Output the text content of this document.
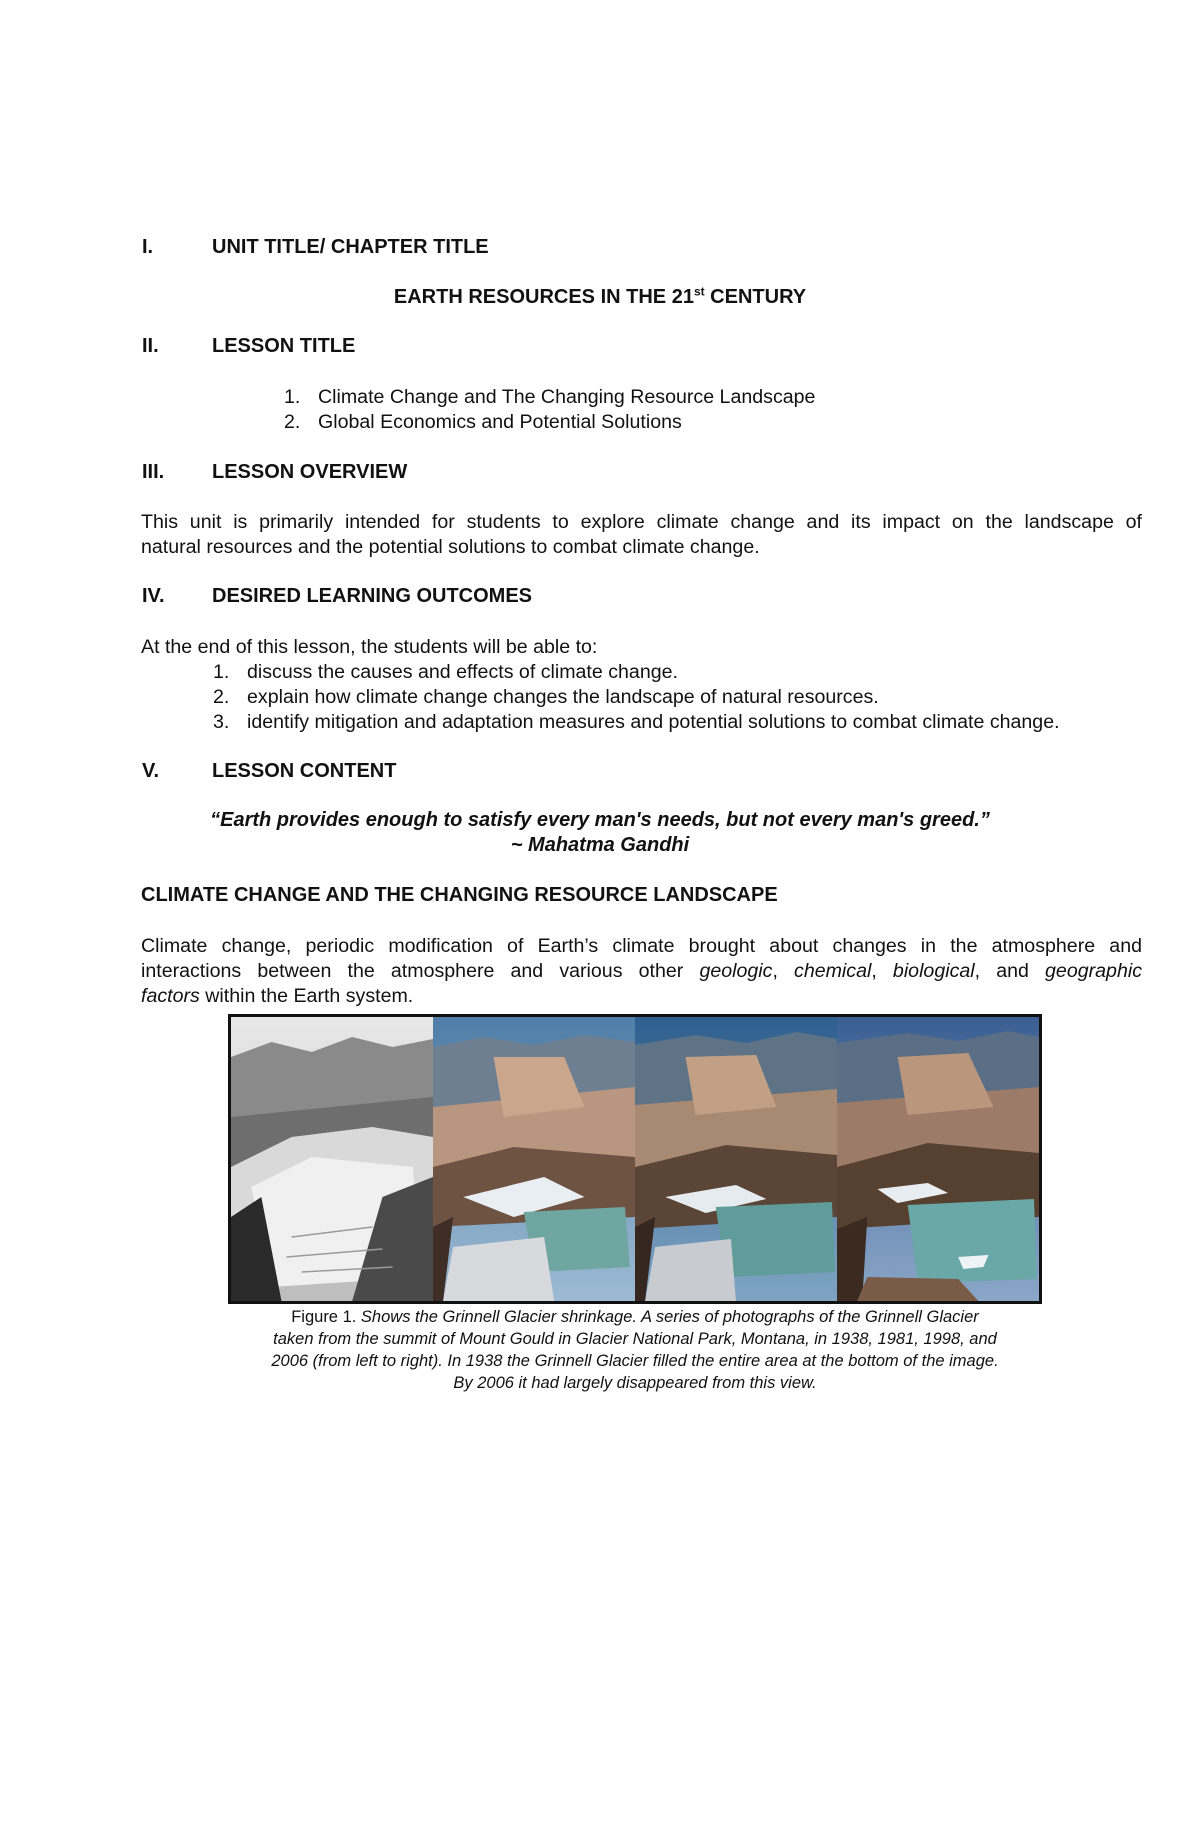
I.	UNIT TITLE/ CHAPTER TITLE
EARTH RESOURCES IN THE 21st CENTURY
II.	LESSON TITLE
1. Climate Change and The Changing Resource Landscape
2. Global Economics and Potential Solutions
III. LESSON OVERVIEW
This unit is primarily intended for students to explore climate change and its impact on the landscape of
natural resources and the potential solutions to combat climate change.
IV. DESIRED LEARNING OUTCOMES
At the end of this lesson, the students will be able to:
1. discuss the causes and effects of climate change.
2. explain how climate change changes the landscape of natural resources.
3. identify mitigation and adaptation measures and potential solutions to combat climate change.
V.	LESSON CONTENT
“Earth provides enough to satisfy every man's needs, but not every man's greed.”
~ Mahatma Gandhi
CLIMATE CHANGE AND THE CHANGING RESOURCE LANDSCAPE
Climate change, periodic modification of Earth’s climate brought about changes in the atmosphere and
interactions between the atmosphere and various other geologic, chemical, biological, and geographic
factors within the Earth system.
Figure 1. Shows the Grinnell Glacier shrinkage. A series of photographs of the Grinnell Glacier
taken from the summit of Mount Gould in Glacier National Park, Montana, in 1938, 1981, 1998, and
2006 (from left to right). In 1938 the Grinnell Glacier filled the entire area at the bottom of the image.
By 2006 it had largely disappeared from this view.
